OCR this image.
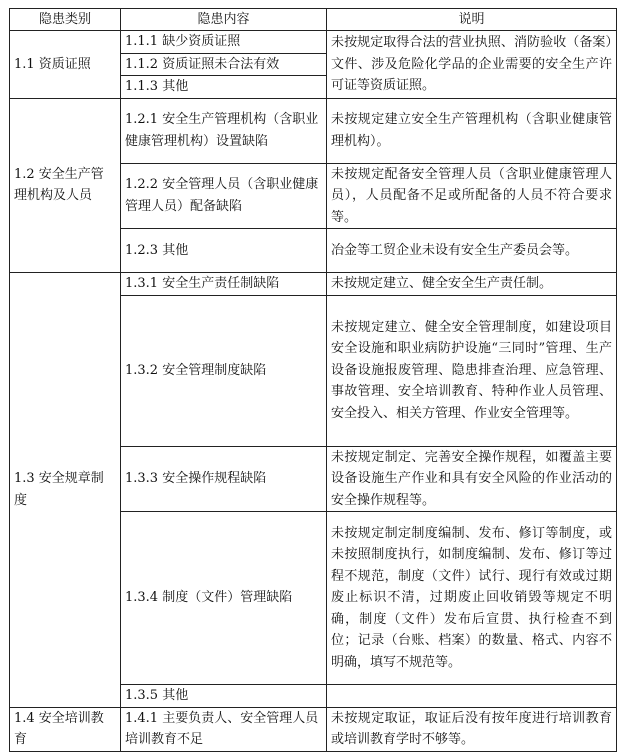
隐患类别	隐患内容	说明
1.1 资质证照	1.1.1 缺少资质证照	未按规定取得合法的营业执照、消防验收（备案）文件、涉及危险化学品的企业需要的安全生产许可证等资质证照。
	1.1.2 资质证照未合法有效	
	1.1.3 其他	
1.2 安全生产管理机构及人员	1.2.1 安全生产管理机构（含职业健康管理机构）设置缺陷	未按规定建立安全生产管理机构（含职业健康管理机构）。
	1.2.2 安全管理人员（含职业健康管理人员）配备缺陷	未按规定配备安全管理人员（含职业健康管理人员），人员配备不足或所配备的人员不符合要求等。
	1.2.3 其他	冶金等工贸企业未设有安全生产委员会等。
1.3 安全规章制度	1.3.1 安全生产责任制缺陷	未按规定建立、健全安全生产责任制。
	1.3.2 安全管理制度缺陷	未按规定建立、健全安全管理制度，如建设项目安全设施和职业病防护设施“三同时”管理、生产设备设施报废管理、隐患排查治理、应急管理、事故管理、安全培训教育、特种作业人员管理、安全投入、相关方管理、作业安全管理等。
	1.3.3 安全操作规程缺陷	未按规定制定、完善安全操作规程，如覆盖主要设备设施生产作业和具有安全风险的作业活动的安全操作规程等。
	1.3.4 制度（文件）管理缺陷	未按规定制定制度编制、发布、修订等制度，或未按照制度执行，如制度编制、发布、修订等过程不规范，制度（文件）试行、现行有效或过期废止标识不清，过期废止回收销毁等规定不明确，制度（文件）发布后宣贯、执行检查不到位；记录（台账、档案）的数量、格式、内容不明确，填写不规范等。
	1.3.5 其他	
1.4 安全培训教育	1.4.1 主要负责人、安全管理人员培训教育不足	未按规定取证，取证后没有按年度进行培训教育或培训教育学时不够等。
